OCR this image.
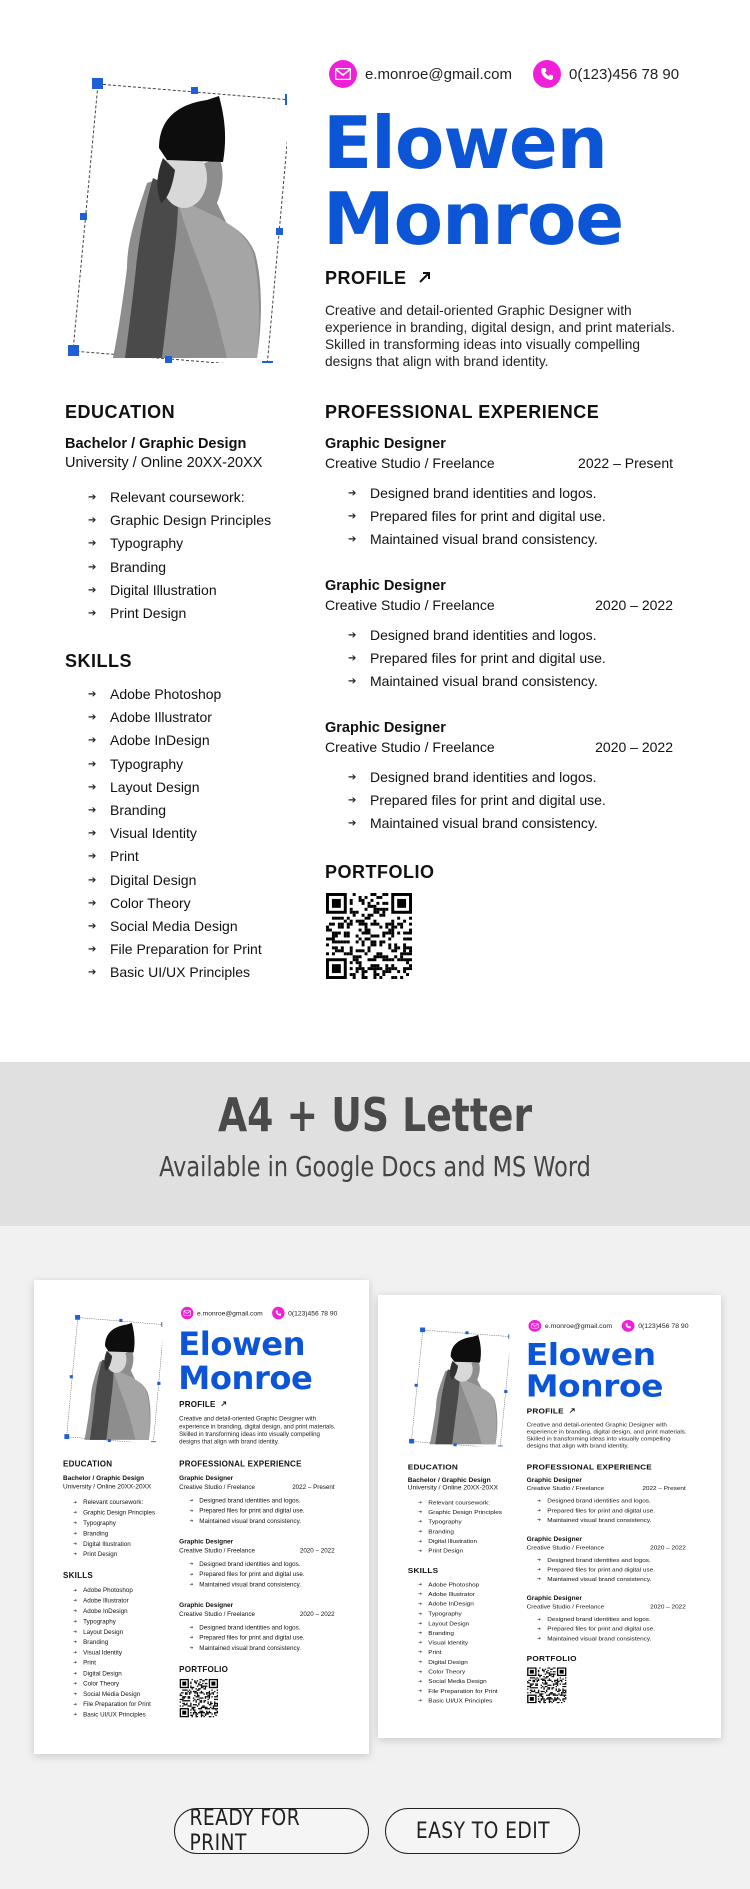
e.monroe@gmail.com	0(123)456 78 90
Elowen
Monroe
PROFILE
Creative and detail-oriented Graphic Designer with experience in branding, digital design, and print materials. Skilled in transforming ideas into visually compelling designs that align with brand identity.
EDUCATION
Bachelor / Graphic Design
University / Online 20XX-20XX
➔ Relevant coursework:
➔ Graphic Design Principles
➔ Typography
➔ Branding
➔ Digital Illustration
➔ Print Design
SKILLS
➔ Adobe Photoshop
➔ Adobe Illustrator
➔ Adobe InDesign
➔ Typography
➔ Layout Design
➔ Branding
➔ Visual Identity
➔ Print
➔ Digital Design
➔ Color Theory
➔ Social Media Design
➔ File Preparation for Print
➔ Basic UI/UX Principles
PROFESSIONAL EXPERIENCE
Graphic Designer
Creative Studio / Freelance	2022 – Present
➔ Designed brand identities and logos.
➔ Prepared files for print and digital use.
➔ Maintained visual brand consistency.
Graphic Designer
Creative Studio / Freelance	2020 – 2022
➔ Designed brand identities and logos.
➔ Prepared files for print and digital use.
➔ Maintained visual brand consistency.
Graphic Designer
Creative Studio / Freelance	2020 – 2022
➔ Designed brand identities and logos.
➔ Prepared files for print and digital use.
➔ Maintained visual brand consistency.
PORTFOLIO
A4 + US Letter
Available in Google Docs and MS Word
e.monroe@gmail.com 0(123)456 78 90
Elowen
Monroe
PROFILE
Creative and detail-oriented Graphic Designer with experience in branding, digital design, and print materials. Skilled in transforming ideas into visually compelling designs that align with brand identity.
EDUCATION
Bachelor / Graphic Design
University / Online 20XX-20XX
➔ Relevant coursework:
➔ Graphic Design Principles
➔ Typography
➔ Branding
➔ Digital Illustration
➔ Print Design
SKILLS
➔ Adobe Photoshop
➔ Adobe Illustrator
➔ Adobe InDesign
➔ Typography
➔ Layout Design
➔ Branding
➔ Visual Identity
➔ Print
➔ Digital Design
➔ Color Theory
➔ Social Media Design
➔ File Preparation for Print
➔ Basic UI/UX Principles
PROFESSIONAL EXPERIENCE
Graphic Designer
Creative Studio / Freelance	2022 – Present
➔ Designed brand identities and logos.
➔ Prepared files for print and digital use.
➔ Maintained visual brand consistency.
Graphic Designer
Creative Studio / Freelance	2020 – 2022
➔ Designed brand identities and logos.
➔ Prepared files for print and digital use.
➔ Maintained visual brand consistency.
Graphic Designer
Creative Studio / Freelance	2020 – 2022
➔ Designed brand identities and logos.
➔ Prepared files for print and digital use.
➔ Maintained visual brand consistency.
PORTFOLIO
e.monroe@gmail.com 0(123)456 78 90
Elowen
Monroe
PROFILE
Creative and detail-oriented Graphic Designer with experience in branding, digital design, and print materials. Skilled in transforming ideas into visually compelling designs that align with brand identity.
EDUCATION
Bachelor / Graphic Design
University / Online 20XX-20XX
➔ Relevant coursework:
➔ Graphic Design Principles
➔ Typography
➔ Branding
➔ Digital Illustration
➔ Print Design
SKILLS
➔ Adobe Photoshop
➔ Adobe Illustrator
➔ Adobe InDesign
➔ Typography
➔ Layout Design
➔ Branding
➔ Visual Identity
➔ Print
➔ Digital Design
➔ Color Theory
➔ Social Media Design
➔ File Preparation for Print
➔ Basic UI/UX Principles
PROFESSIONAL EXPERIENCE
Graphic Designer
Creative Studio / Freelance	2022 – Present
➔ Designed brand identities and logos.
➔ Prepared files for print and digital use.
➔ Maintained visual brand consistency.
Graphic Designer
Creative Studio / Freelance	2020 – 2022
➔ Designed brand identities and logos.
➔ Prepared files for print and digital use.
➔ Maintained visual brand consistency.
Graphic Designer
Creative Studio / Freelance	2020 – 2022
➔ Designed brand identities and logos.
➔ Prepared files for print and digital use.
➔ Maintained visual brand consistency.
PORTFOLIO
READY FOR PRINT	EASY TO EDIT
